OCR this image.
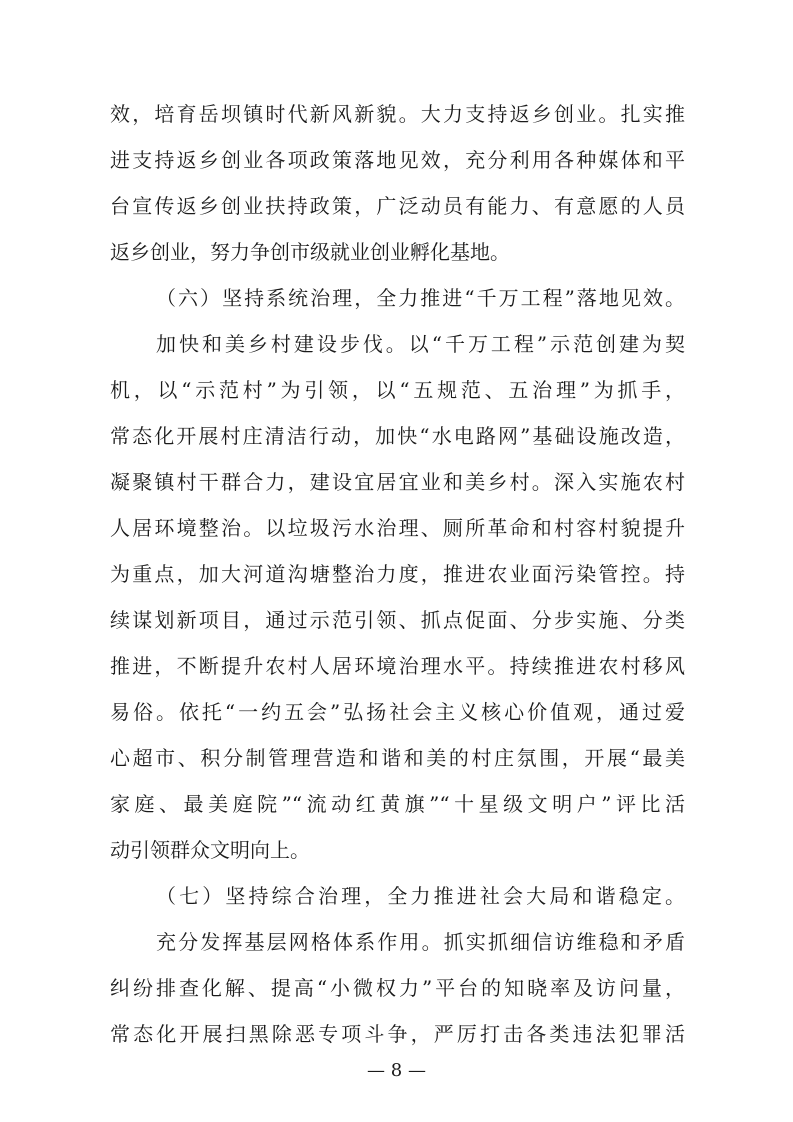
效，培育岳坝镇时代新风新貌。大力支持返乡创业。扎实推
进支持返乡创业各项政策落地见效，充分利用各种媒体和平
台宣传返乡创业扶持政策，广泛动员有能力、有意愿的人员
返乡创业，努力争创市级就业创业孵化基地。
（六）坚持系统治理，全力推进“千万工程”落地见效。
加快和美乡村建设步伐。以“千万工程”示范创建为契
机，以“示范村”为引领，以“五规范、五治理”为抓手，
常态化开展村庄清洁行动，加快“水电路网”基础设施改造，
凝聚镇村干群合力，建设宜居宜业和美乡村。深入实施农村
人居环境整治。以垃圾污水治理、厕所革命和村容村貌提升
为重点，加大河道沟塘整治力度，推进农业面污染管控。持
续谋划新项目，通过示范引领、抓点促面、分步实施、分类
推进，不断提升农村人居环境治理水平。持续推进农村移风
易俗。依托“一约五会”弘扬社会主义核心价值观，通过爱
心超市、积分制管理营造和谐和美的村庄氛围，开展“最美
家庭、最美庭院”“流动红黄旗”“十星级文明户”评比活
动引领群众文明向上。
（七）坚持综合治理，全力推进社会大局和谐稳定。
充分发挥基层网格体系作用。抓实抓细信访维稳和矛盾
纠纷排查化解、提高“小微权力”平台的知晓率及访问量，
常态化开展扫黑除恶专项斗争，严厉打击各类违法犯罪活
— 8 —
